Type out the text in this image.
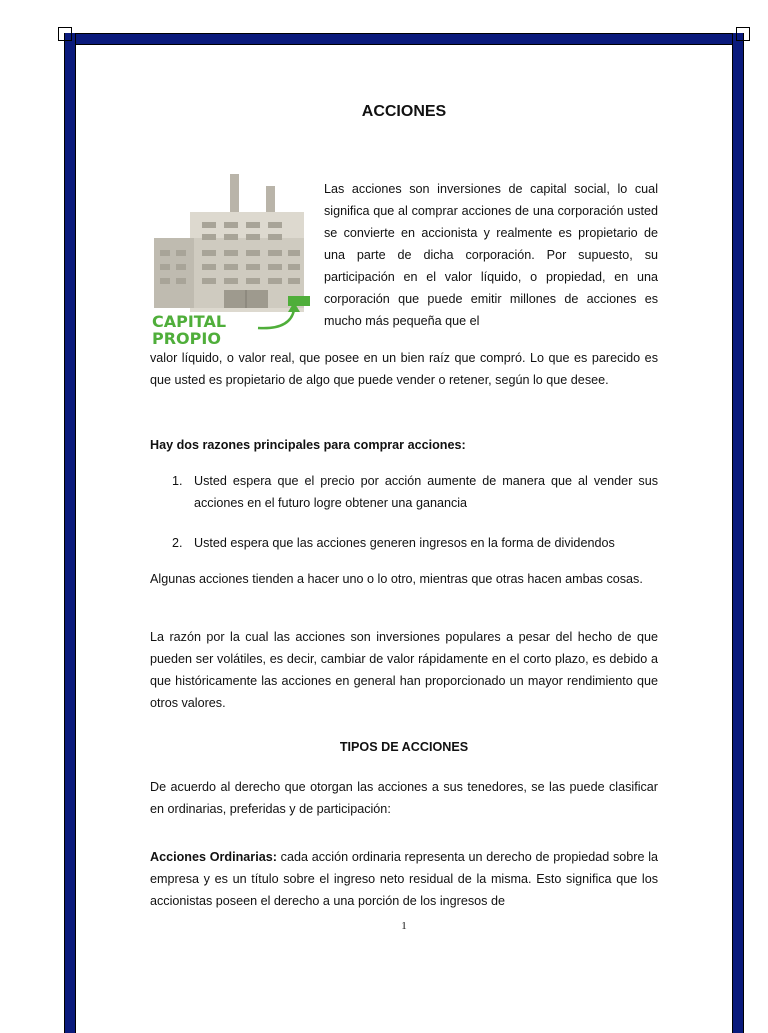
CAPITAL
PROPIO
ACCIONES
Las acciones son inversiones de capital social, lo cual significa que al comprar acciones de una corporación usted se convierte en accionista y realmente es propietario de una parte de dicha corporación. Por supuesto, su participación en el valor líquido, o propiedad, en una corporación que puede emitir millones de acciones es mucho más pequeña que el
valor líquido, o valor real, que posee en un bien raíz que compró. Lo que es parecido es que usted es propietario de algo que puede vender o retener, según lo que desee.
Hay dos razones principales para comprar acciones:
1. Usted espera que el precio por acción aumente de manera que al vender sus acciones en el futuro logre obtener una ganancia
2. Usted espera que las acciones generen ingresos en la forma de dividendos
Algunas acciones tienden a hacer uno o lo otro, mientras que otras hacen ambas cosas.
La razón por la cual las acciones son inversiones populares a pesar del hecho de que pueden ser volátiles, es decir, cambiar de valor rápidamente en el corto plazo, es debido a que históricamente las acciones en general han proporcionado un mayor rendimiento que otros valores.
TIPOS DE ACCIONES
De acuerdo al derecho que otorgan las acciones a sus tenedores, se las puede clasificar en ordinarias, preferidas y de participación:
Acciones Ordinarias: cada acción ordinaria representa un derecho de propiedad sobre la empresa y es un título sobre el ingreso neto residual de la misma. Esto significa que los accionistas poseen el derecho a una porción de los ingresos de
1
